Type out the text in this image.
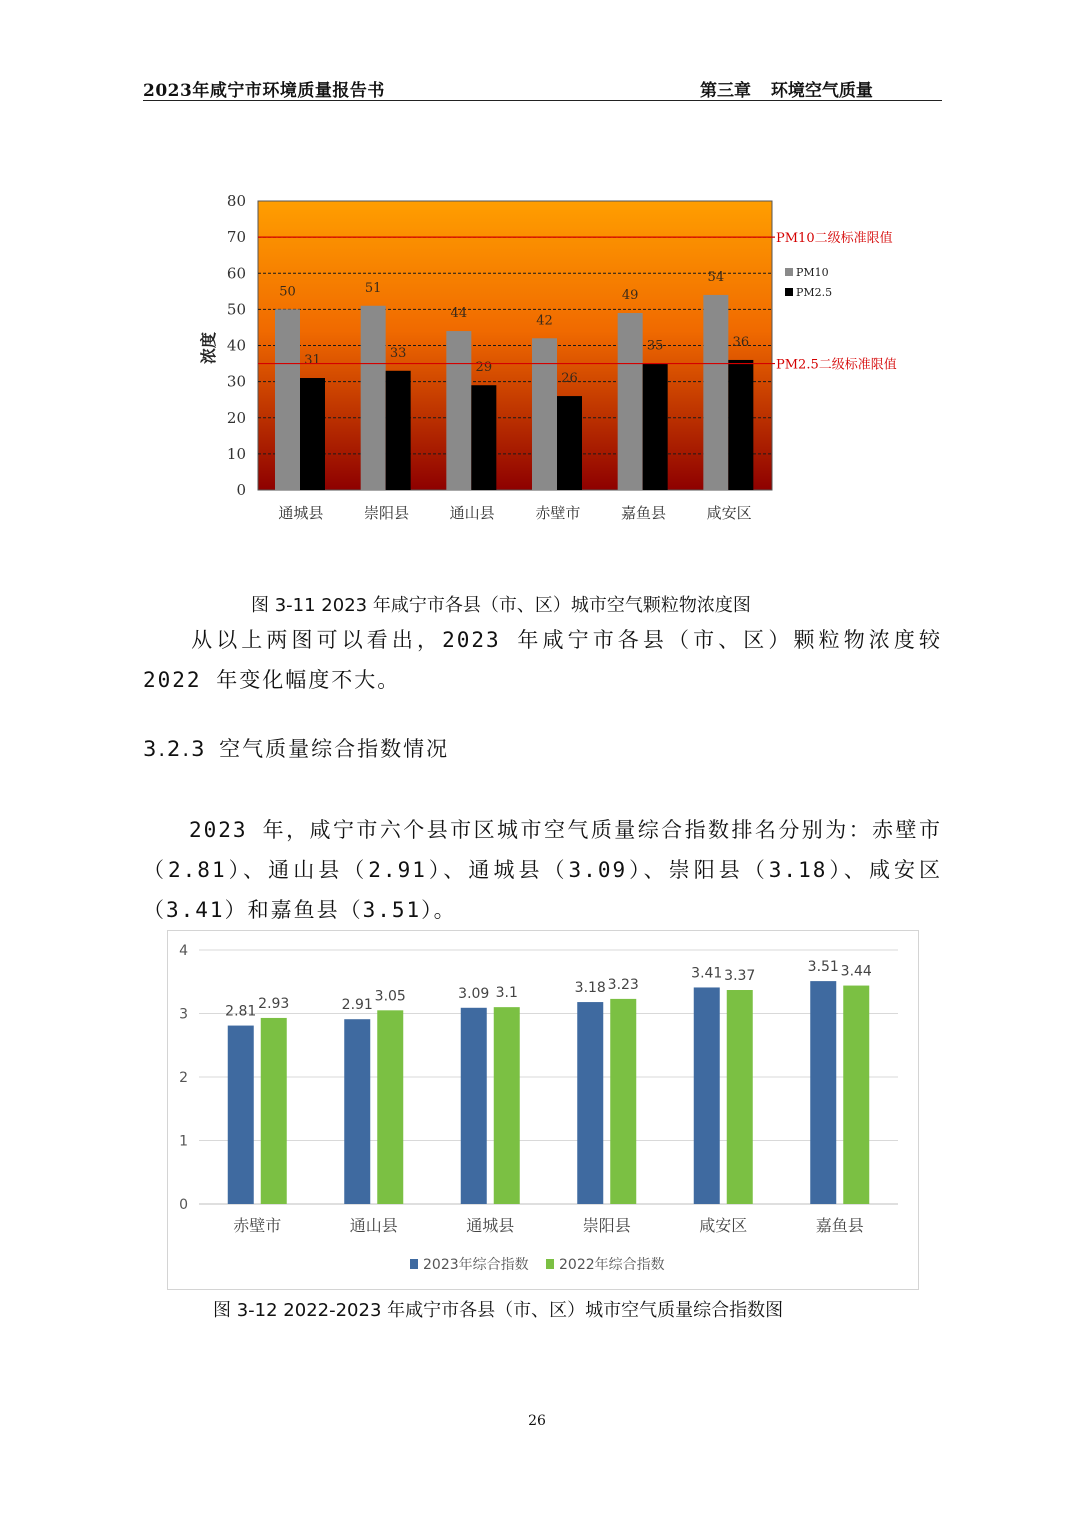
2023年咸宁市环境质量报告书	第三章 环境空气质量
0
10
20
30
40
50
60
70
80
50
31
51
33
44
29
42
26
49
35
54
36
通城县	崇阳县	通山县	赤壁市	嘉鱼县	咸安区
PM10二级标准限值
PM2.5二级标准限值
浓度
PM10
PM2.5
图 3-11 2023 年咸宁市各县（市、区）城市空气颗粒物浓度图

从以上两图可以看出，2023 年咸宁市各县（市、区）颗粒物浓度较 2022 年变化幅度不大。

3.2.3 空气质量综合指数情况

2023 年，咸宁市六个县市区城市空气质量综合指数排名分别为：赤壁市（2.81）、通山县（2.91）、通城县（3.09）、崇阳县（3.18）、咸安区（3.41）和嘉鱼县（3.51）。

0
1
2
3
4
2.81 2.93	2.91
3.05	3.09 3.1	3.18 3.23
3.41 3.37
3.51 3.44
赤壁市	通山县	通城县	崇阳县	咸安区	嘉鱼县
2023年综合指数 2022年综合指数
图 3-12 2022-2023 年咸宁市各县（市、区）城市空气质量综合指数图
26
